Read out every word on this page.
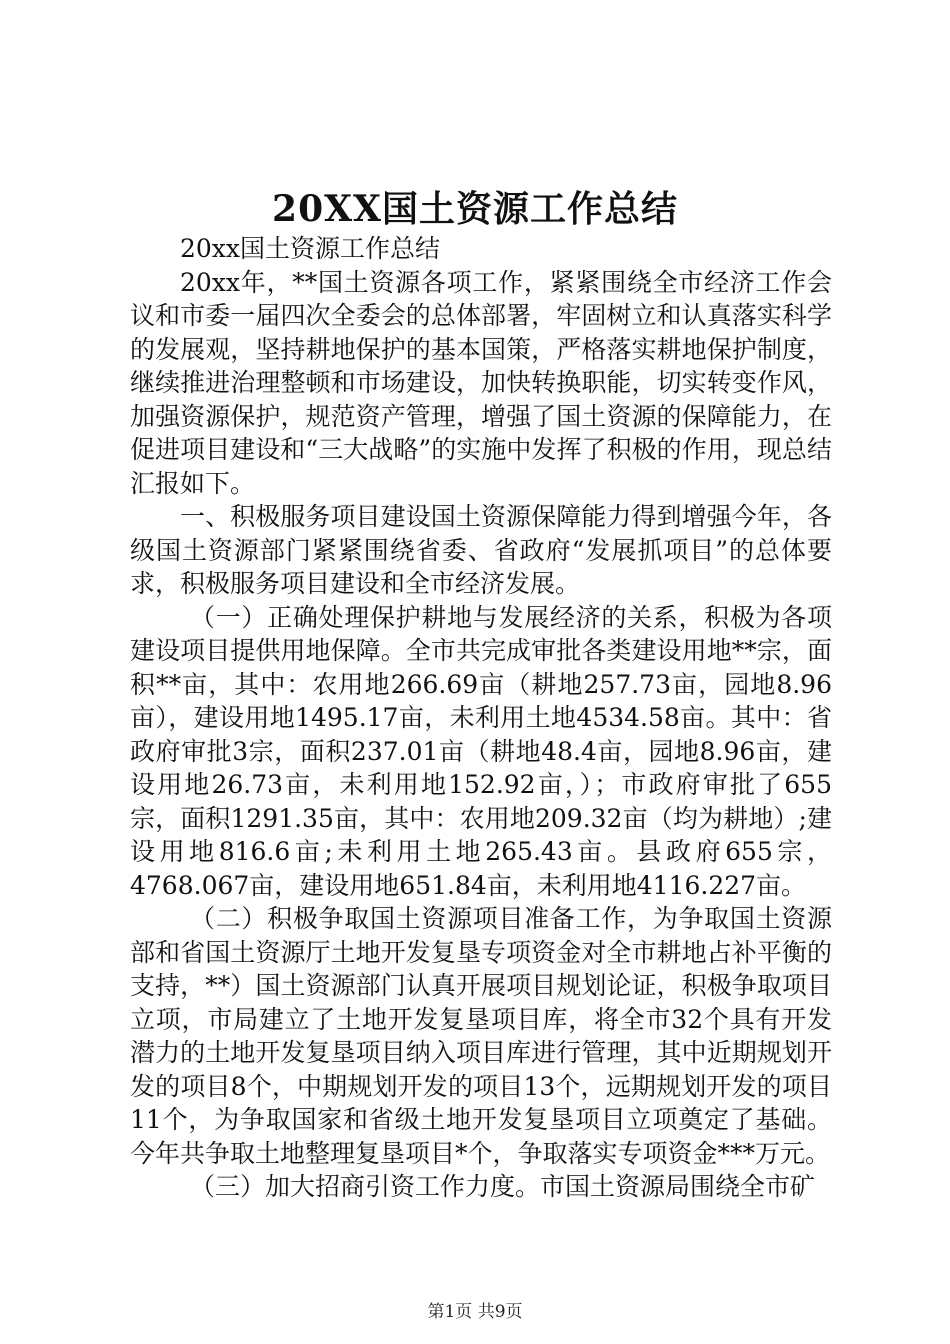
20XX国土资源工作总结

20xx国土资源工作总结

20xx年，**国土资源各项工作，紧紧围绕全市经济工作会议和市委一届四次全委会的总体部署，牢固树立和认真落实科学的发展观，坚持耕地保护的基本国策，严格落实耕地保护制度，继续推进治理整顿和市场建设，加快转换职能，切实转变作风，加强资源保护，规范资产管理，增强了国土资源的保障能力，在促进项目建设和“三大战略”的实施中发挥了积极的作用，现总结汇报如下。

一、积极服务项目建设国土资源保障能力得到增强今年，各级国土资源部门紧紧围绕省委、省政府“发展抓项目”的总体要求，积极服务项目建设和全市经济发展。

（一）正确处理保护耕地与发展经济的关系，积极为各项建设项目提供用地保障。全市共完成审批各类建设用地**宗，面积**亩，其中：农用地266.69亩（耕地257.73亩，园地8.96亩），建设用地1495.17亩，未利用土地4534.58亩。其中：省政府审批3宗，面积237.01亩（耕地48.4亩，园地8.96亩，建设用地26.73亩，未利用地152.92亩，）；市政府审批了655宗，面积1291.35亩，其中：农用地209.32亩（均为耕地）;建设用地816.6亩;未利用土地265.43亩。县政府655宗，4768.067亩，建设用地651.84亩，未利用地4116.227亩。

（二）积极争取国土资源项目准备工作，为争取国土资源部和省国土资源厅土地开发复垦专项资金对全市耕地占补平衡的支持，**）国土资源部门认真开展项目规划论证，积极争取项目立项，市局建立了土地开发复垦项目库，将全市32个具有开发潜力的土地开发复垦项目纳入项目库进行管理，其中近期规划开发的项目8个，中期规划开发的项目13个，远期规划开发的项目11个，为争取国家和省级土地开发复垦项目立项奠定了基础。今年共争取土地整理复垦项目*个，争取落实专项资金***万元。

（三）加大招商引资工作力度。市国土资源局围绕全市矿

第1页 共9页
